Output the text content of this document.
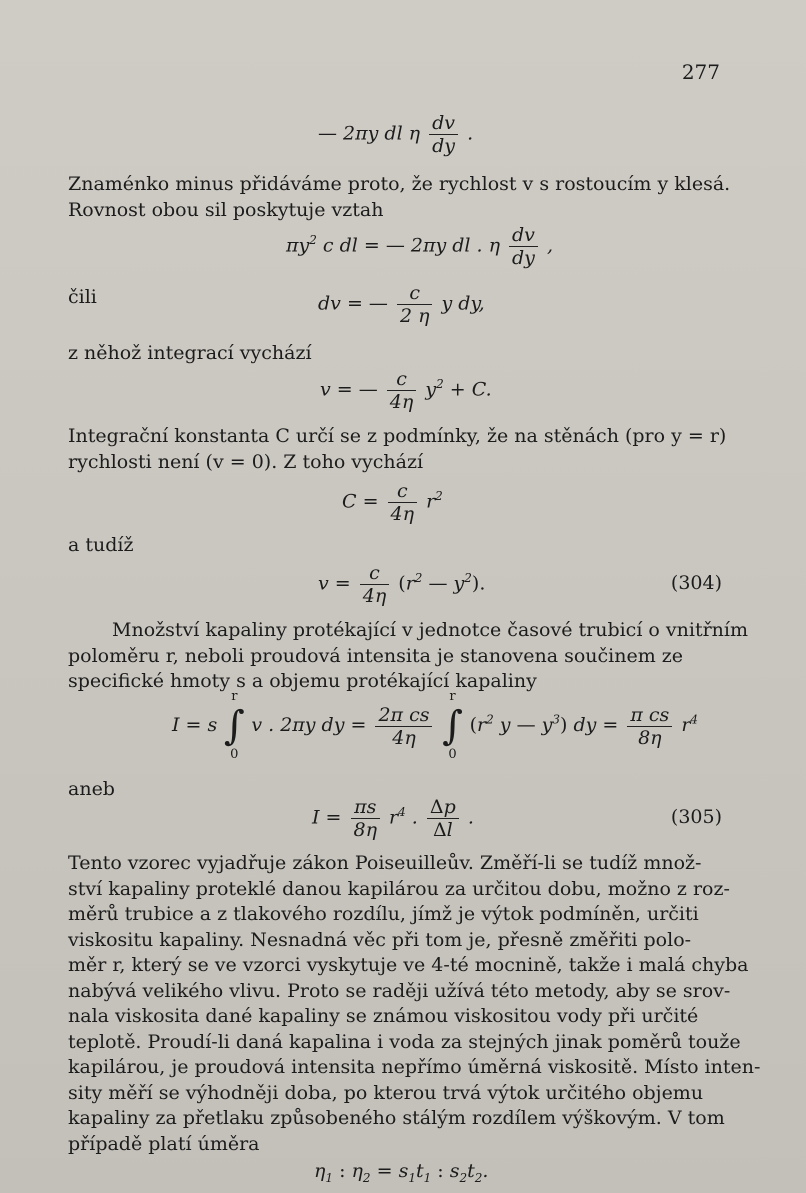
277
— 2πy dl η $\frac{dv}{dy}$ .
Znaménko minus přidáváme proto, že rychlost v s rostoucím y klesá.
Rovnost obou sil poskytuje vztah
$\pi y^2$ c dl = — 2πy dl . η $\frac{dv}{dy}$ ,
čili	dv = — $\frac{c}{2 \eta}$ y dy,
z něhož integrací vychází
v = — $\frac{c}{4\eta} y^2 + C$.
Integrační konstanta C určí se z podmínky, že na stěnách (pro y = r)
rychlosti není (v = 0). Z toho vychází
$C = \frac{c}{4\eta} r^2$
a tudíž
$v = \frac{c}{4\eta} (r^2$ — $y^2$).	(304)
Množství kapaliny protékající v jednotce časové trubicí o vnitřním
poloměru r, neboli proudová intensita je stanovena součinem ze
specifické hmoty s a objemu protékající kapaliny
I = s
r
∫
0
v . 2πy dy = $\frac{\text{2π cs}}{4\eta}$

r
∫
0
($r^2$ y — $y^3$) dy = $\frac{\text{π cs}}{8\eta} r^4$
aneb
$I = \frac{\pi s}{8\eta} r^4$ . $\frac{\Delta p}{\Delta l}$ .	(305)
Tento vzorec vyjadřuje zákon Poiseuilleův. Změří-li se tudíž množ-
ství kapaliny proteklé danou kapilárou za určitou dobu, možno z roz-
měrů trubice a z tlakového rozdílu, jímž je výtok podmíněn, určiti
viskositu kapaliny. Nesnadná věc při tom je, přesně změřiti polo-
měr r, který se ve vzorci vyskytuje ve 4-té mocnině, takže i malá chyba
nabývá velikého vlivu. Proto se raději užívá této metody, aby se srov-
nala viskosita dané kapaliny se známou viskositou vody při určité
teplotě. Proudí-li daná kapalina i voda za stejných jinak poměrů touže
kapilárou, je proudová intensita nepřímo úměrná viskositě. Místo inten-
sity měří se výhodněji doba, po kterou trvá výtok určitého objemu
kapaliny za přetlaku způsobeného stálým rozdílem výškovým. V tom
případě platí úměra
$\eta_1$ : $\eta_2 = s_1t_1$ : $s_2t_2$.
